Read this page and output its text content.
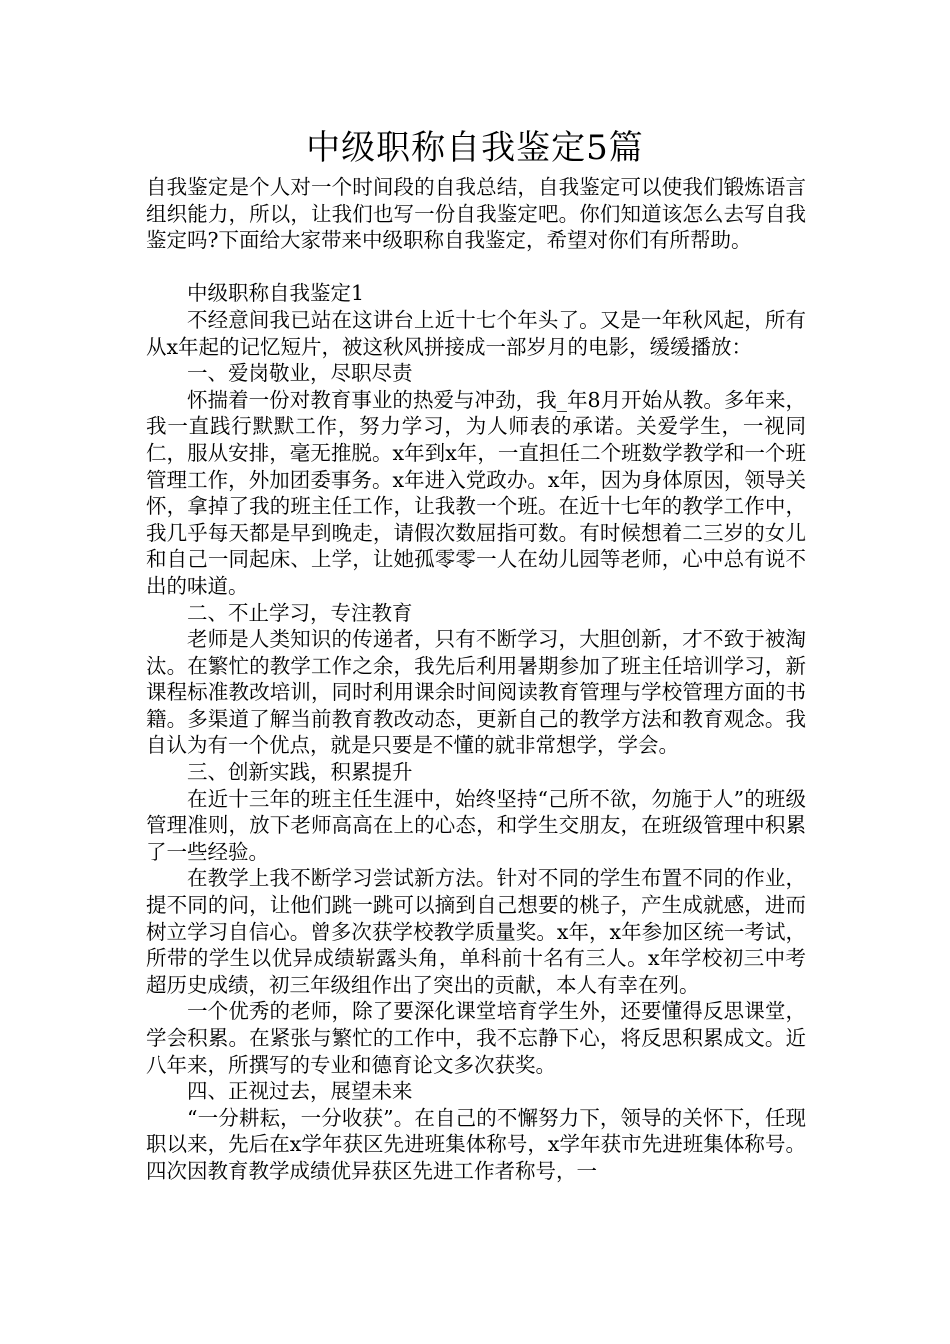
中级职称自我鉴定5篇

自我鉴定是个人对一个时间段的自我总结，自我鉴定可以使我们锻炼语言组织能力，所以，让我们也写一份自我鉴定吧。你们知道该怎么去写自我鉴定吗?下面给大家带来中级职称自我鉴定，希望对你们有所帮助。

中级职称自我鉴定1

不经意间我已站在这讲台上近十七个年头了。又是一年秋风起，所有从x年起的记忆短片，被这秋风拼接成一部岁月的电影，缓缓播放：

一、爱岗敬业，尽职尽责

怀揣着一份对教育事业的热爱与冲劲，我_年8月开始从教。多年来，我一直践行默默工作，努力学习，为人师表的承诺。关爱学生，一视同仁，服从安排，毫无推脱。x年到x年，一直担任二个班数学教学和一个班管理工作，外加团委事务。x年进入党政办。x年，因为身体原因，领导关怀，拿掉了我的班主任工作，让我教一个班。在近十七年的教学工作中，我几乎每天都是早到晚走，请假次数屈指可数。有时候想着二三岁的女儿和自己一同起床、上学，让她孤零零一人在幼儿园等老师，心中总有说不出的味道。

二、不止学习，专注教育

老师是人类知识的传递者，只有不断学习，大胆创新，才不致于被淘汰。在繁忙的教学工作之余，我先后利用暑期参加了班主任培训学习，新课程标准教改培训，同时利用课余时间阅读教育管理与学校管理方面的书籍。多渠道了解当前教育教改动态，更新自己的教学方法和教育观念。我自认为有一个优点，就是只要是不懂的就非常想学，学会。

三、创新实践，积累提升

在近十三年的班主任生涯中，始终坚持“己所不欲，勿施于人”的班级管理准则，放下老师高高在上的心态，和学生交朋友，在班级管理中积累了一些经验。

在教学上我不断学习尝试新方法。针对不同的学生布置不同的作业，提不同的问，让他们跳一跳可以摘到自己想要的桃子，产生成就感，进而树立学习自信心。曾多次获学校教学质量奖。x年，x年参加区统一考试，所带的学生以优异成绩崭露头角，单科前十名有三人。x年学校初三中考超历史成绩，初三年级组作出了突出的贡献，本人有幸在列。

一个优秀的老师，除了要深化课堂培育学生外，还要懂得反思课堂，学会积累。在紧张与繁忙的工作中，我不忘静下心，将反思积累成文。近八年来，所撰写的专业和德育论文多次获奖。

四、正视过去，展望未来

“一分耕耘，一分收获”。在自己的不懈努力下，领导的关怀下，任现职以来，先后在x学年获区先进班集体称号，x学年获市先进班集体称号。四次因教育教学成绩优异获区先进工作者称号，一
